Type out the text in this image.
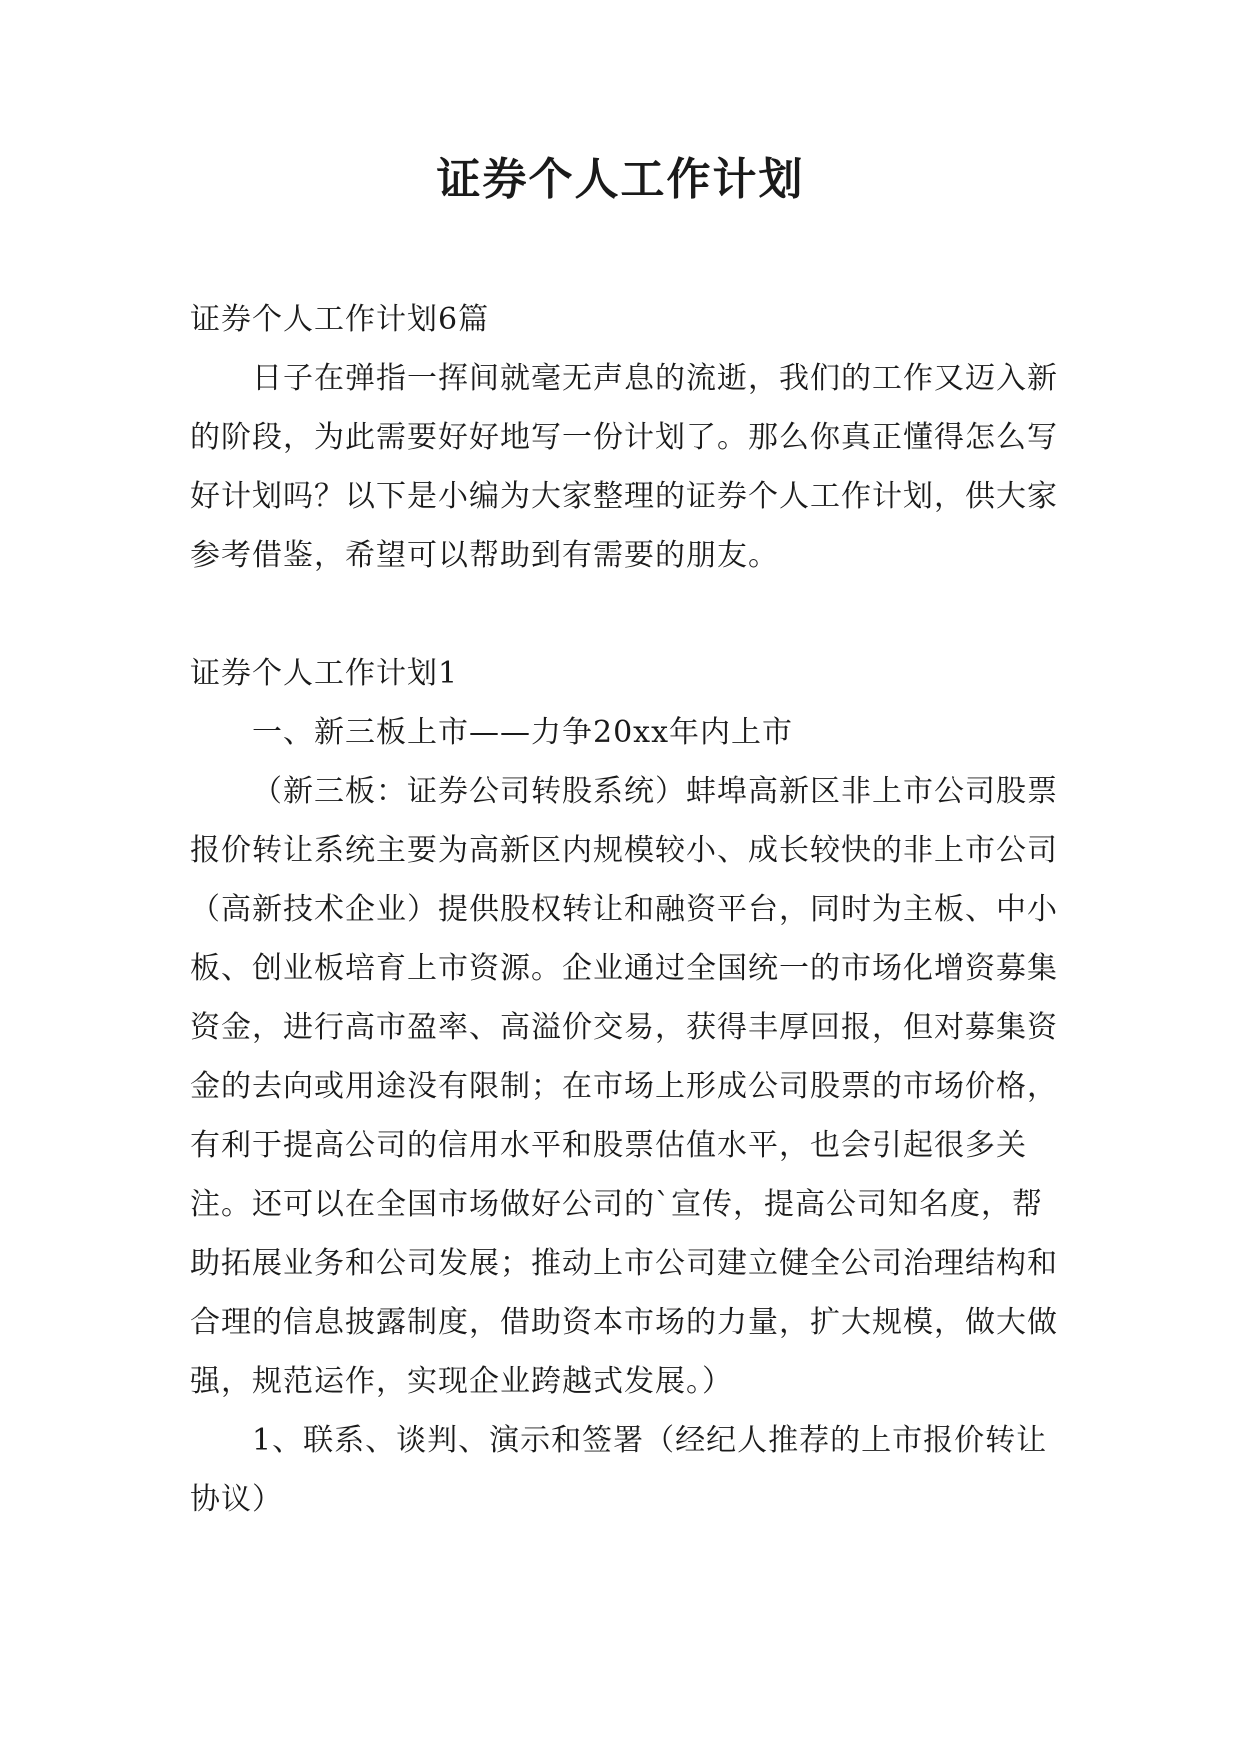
证券个人工作计划

证券个人工作计划6篇

日子在弹指一挥间就毫无声息的流逝，我们的工作又迈入新的阶段，为此需要好好地写一份计划了。那么你真正懂得怎么写好计划吗？以下是小编为大家整理的证券个人工作计划，供大家参考借鉴，希望可以帮助到有需要的朋友。

证券个人工作计划1

一、新三板上市——力争20xx年内上市

（新三板：证券公司转股系统）蚌埠高新区非上市公司股票报价转让系统主要为高新区内规模较小、成长较快的非上市公司（高新技术企业）提供股权转让和融资平台，同时为主板、中小板、创业板培育上市资源。企业通过全国统一的市场化增资募集资金，进行高市盈率、高溢价交易，获得丰厚回报，但对募集资金的去向或用途没有限制；在市场上形成公司股票的市场价格，有利于提高公司的信用水平和股票估值水平，也会引起很多关注。还可以在全国市场做好公司的`宣传，提高公司知名度，帮助拓展业务和公司发展；推动上市公司建立健全公司治理结构和合理的信息披露制度，借助资本市场的力量，扩大规模，做大做强，规范运作，实现企业跨越式发展。）

1、联系、谈判、演示和签署（经纪人推荐的上市报价转让协议）
